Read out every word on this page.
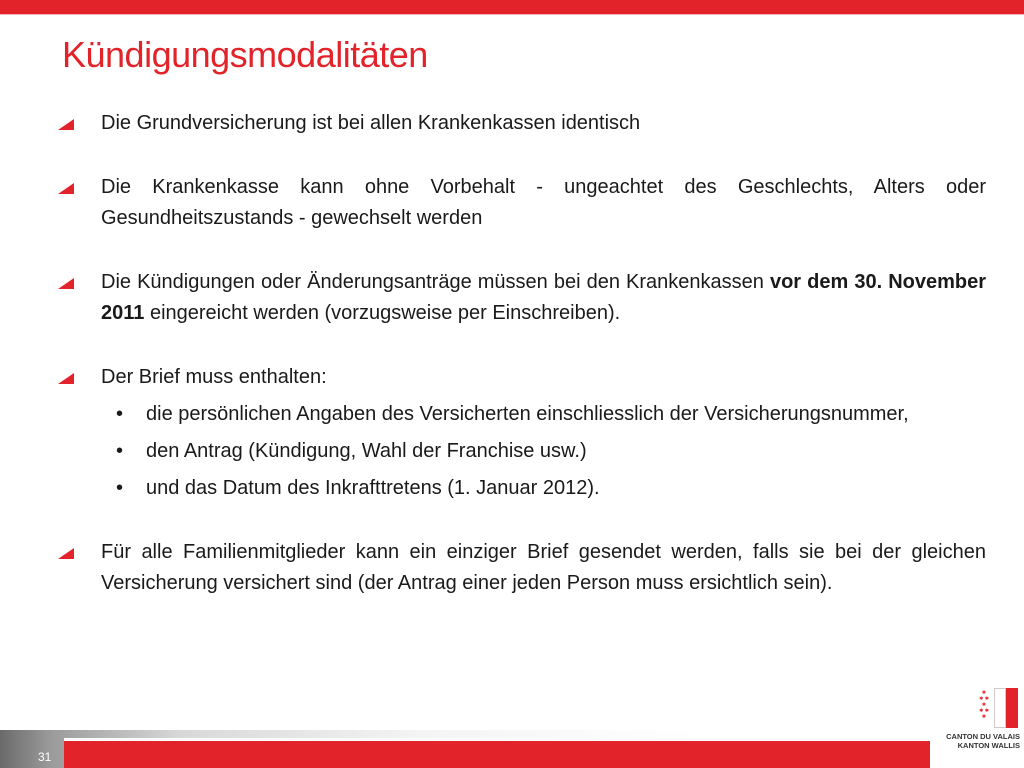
Kündigungsmodalitäten
Die Grundversicherung ist bei allen Krankenkassen identisch
Die Krankenkasse kann ohne Vorbehalt - ungeachtet des Geschlechts, Alters oder Gesundheitszustands - gewechselt werden
Die Kündigungen oder Änderungsanträge müssen bei den Krankenkassen vor dem 30. November 2011 eingereicht werden (vorzugsweise per Einschreiben).
Der Brief muss enthalten:
• die persönlichen Angaben des Versicherten einschliesslich der Versicherungsnummer,
• den Antrag (Kündigung, Wahl der Franchise usw.)
• und das Datum des Inkrafttretens (1. Januar 2012).
Für alle Familienmitglieder kann ein einziger Brief gesendet werden, falls sie bei der gleichen Versicherung versichert sind (der Antrag einer jeden Person muss ersichtlich sein).
31
✱
✱ ✱
✱
✱ ✱
✱
CANTON DU VALAIS
KANTON WALLIS
